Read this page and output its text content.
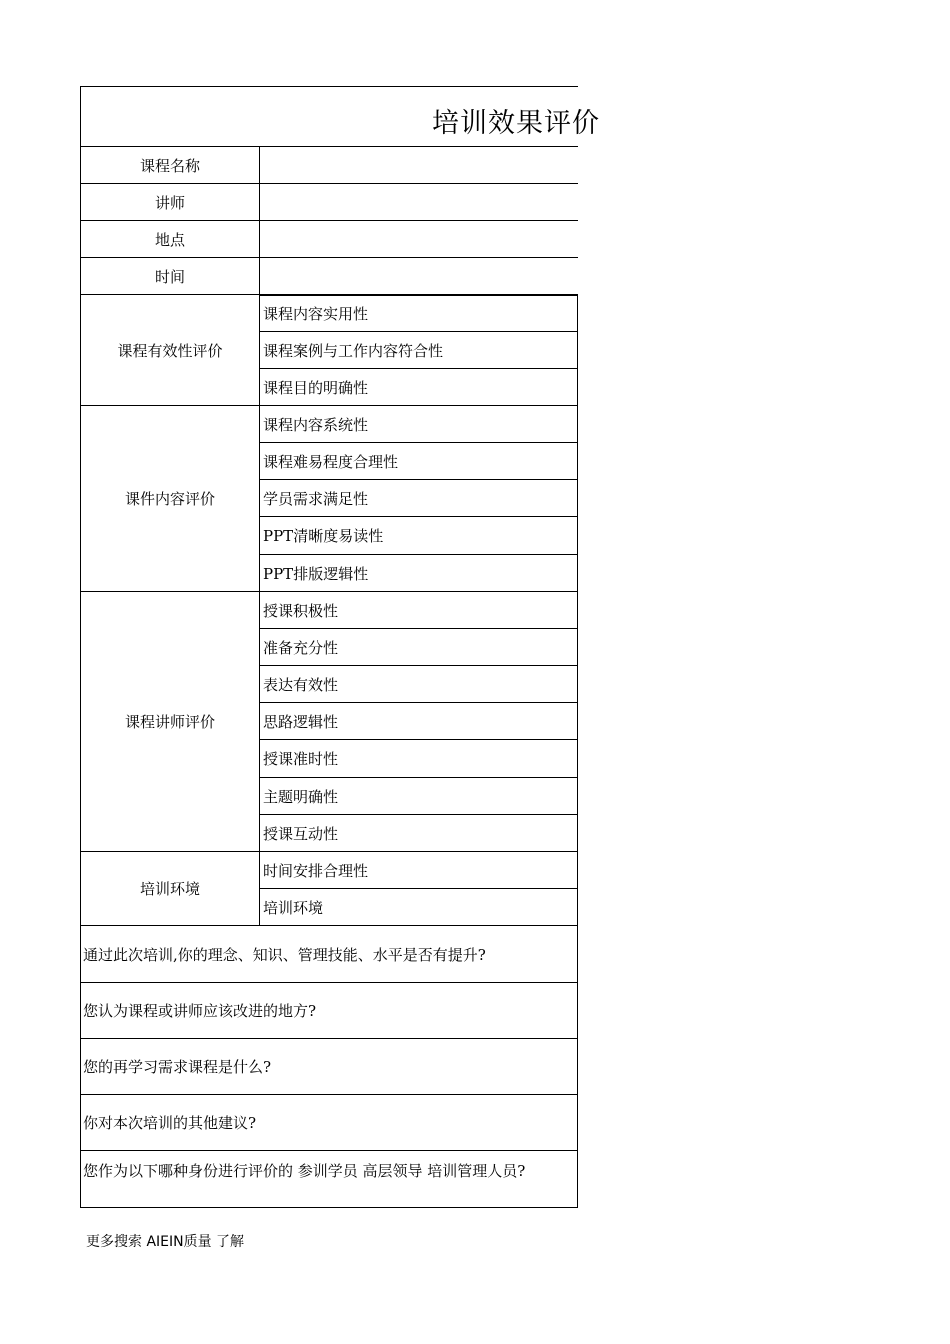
培训效果评价
课程名称
讲师
地点
时间
课程有效性评价
课程内容实用性
课程案例与工作内容符合性
课程目的明确性
课件内容评价
课程内容系统性
课程难易程度合理性
学员需求满足性
PPT清晰度易读性
PPT排版逻辑性
课程讲师评价
授课积极性
准备充分性
表达有效性
思路逻辑性
授课准时性
主题明确性
授课互动性
培训环境
时间安排合理性
培训环境
通过此次培训,你的理念、知识、管理技能、水平是否有提升?
您认为课程或讲师应该改进的地方?
您的再学习需求课程是什么?
你对本次培训的其他建议?
您作为以下哪种身份进行评价的 参训学员 高层领导 培训管理人员?
更多搜索 AIEIN质量 了解
